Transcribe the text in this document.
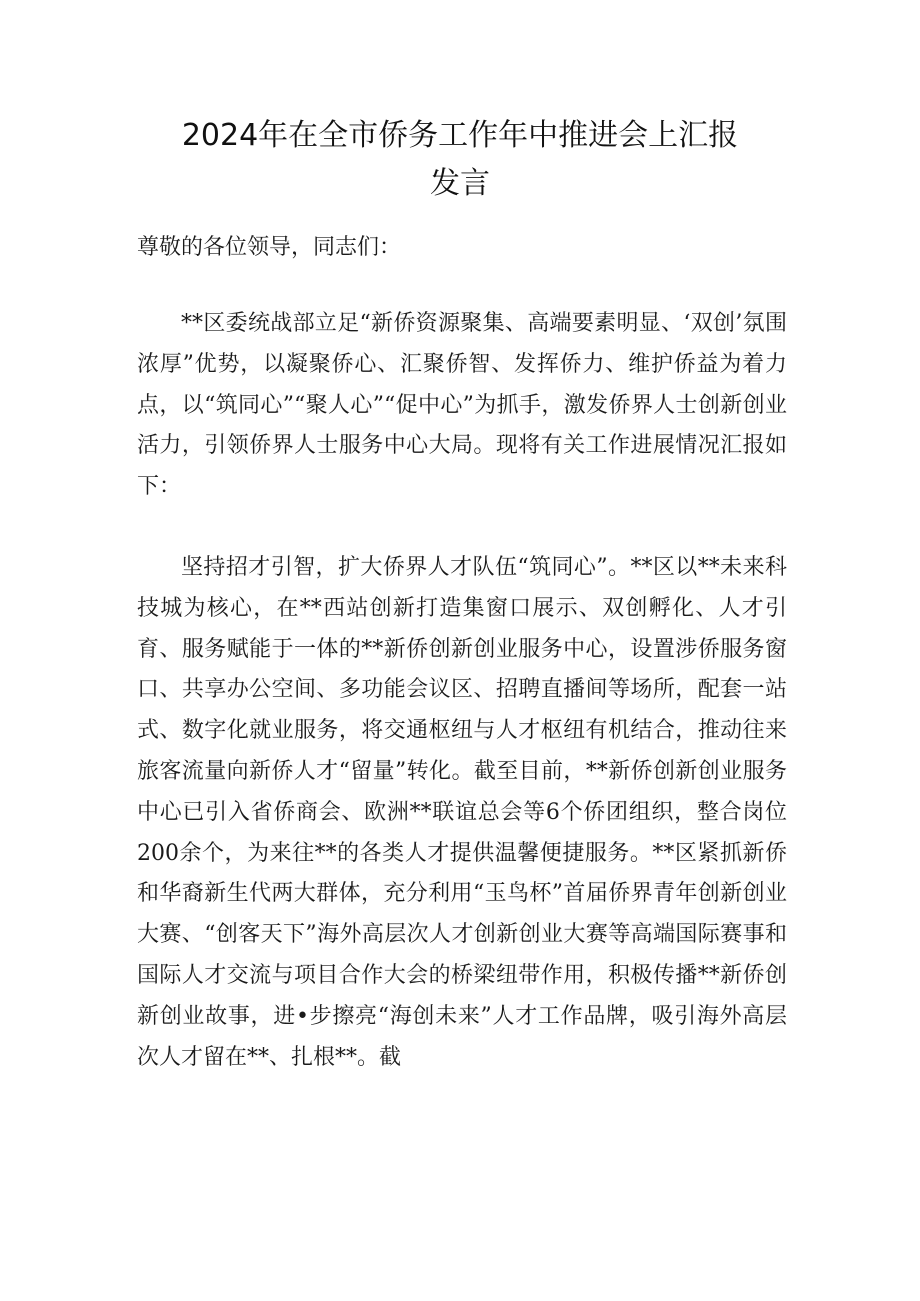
2024年在全市侨务工作年中推进会上汇报
发言

尊敬的各位领导，同志们：

**区委统战部立足“新侨资源聚集、高端要素明显、‘双创’氛围浓厚”优势，以凝聚侨心、汇聚侨智、发挥侨力、维护侨益为着力点，以“筑同心”“聚人心”“促中心”为抓手，激发侨界人士创新创业活力，引领侨界人士服务中心大局。现将有关工作进展情况汇报如下：

坚持招才引智，扩大侨界人才队伍“筑同心”。**区以**未来科技城为核心，在**西站创新打造集窗口展示、双创孵化、人才引育、服务赋能于一体的**新侨创新创业服务中心，设置涉侨服务窗口、共享办公空间、多功能会议区、招聘直播间等场所，配套一站式、数字化就业服务，将交通枢纽与人才枢纽有机结合，推动往来旅客流量向新侨人才“留量”转化。截至目前，**新侨创新创业服务中心已引入省侨商会、欧洲**联谊总会等6个侨团组织，整合岗位200余个，为来往**的各类人才提供温馨便捷服务。**区紧抓新侨和华裔新生代两大群体，充分利用“玉鸟杯”首届侨界青年创新创业大赛、“创客天下”海外高层次人才创新创业大赛等高端国际赛事和国际人才交流与项目合作大会的桥梁纽带作用，积极传播**新侨创新创业故事，进•步擦亮“海创未来”人才工作品牌，吸引海外高层次人才留在**、扎根**。截
